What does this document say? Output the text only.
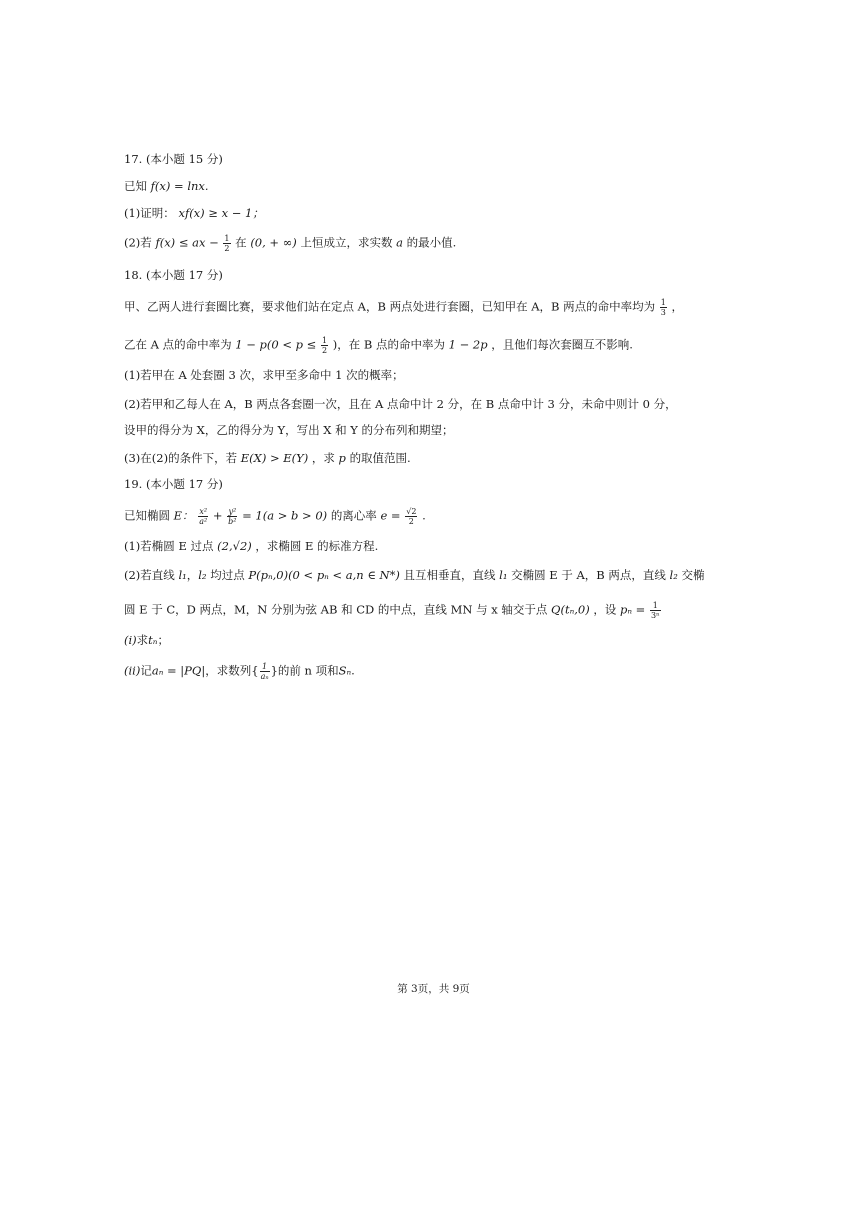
17. (本小题 15 分)
已知 f(x) = lnx.
(1)证明： xf(x) ≥ x − 1；
(2)若 f(x) ≤ ax − $\frac{1}{2}$ 在 (0, + ∞) 上恒成立，求实数 a 的最小值.
18. (本小题 17 分)
甲、乙两人进行套圈比赛，要求他们站在定点 A，B 两点处进行套圈，已知甲在 A，B 两点的命中率均为 $\frac{1}{3}$ ，
乙在 A 点的命中率为 $1 - p(0 < p \le \frac{1}{2}$ )，在 B 点的命中率为 1 − 2p ，且他们每次套圈互不影响.
(1)若甲在 A 处套圈 3 次，求甲至多命中 1 次的概率；
(2)若甲和乙每人在 A，B 两点各套圈一次，且在 A 点命中计 2 分，在 B 点命中计 3 分，未命中则计 0 分，
设甲的得分为 X，乙的得分为 Y，写出 X 和 Y 的分布列和期望；
(3)在(2)的条件下，若 E(X) > E(Y) ，求 p 的取值范围.
19. (本小题 17 分)
已知椭圆 E： $\frac{\text{x²}}{\text{a²}} + \frac{\text{y²}}{\text{b²}} = 1(a > b > 0)$ 的离心率 $e = \frac{√2}{2}$ .
(1)若椭圆 E 过点 (2,√2) ，求椭圆 E 的标准方程.
(2)若直线 l₁，l₂ 均过点 P(pₙ,0)(0 < pₙ < a,n ∈ N*) 且互相垂直，直线 l₁ 交椭圆 E 于 A，B 两点，直线 l₂ 交椭
圆 E 于 C，D 两点，M，N 分别为弦 AB 和 CD 的中点，直线 MN 与 x 轴交于点 Q(tₙ,0) ，设 $p_n = \frac{1}{\text{3ⁿ}}$
(i)求tₙ；
(ii)记aₙ = |PQ|，求数列{ $\frac{1}{\text{aₙ}}$ }的前 n 项和Sₙ.
第 3页，共 9页
